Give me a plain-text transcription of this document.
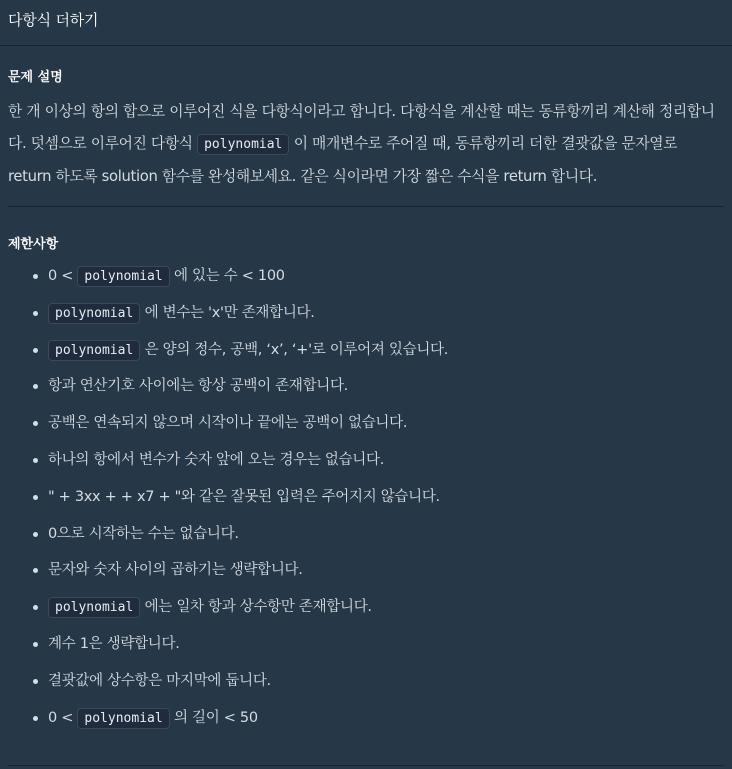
다항식 더하기
문제 설명

한 개 이상의 항의 합으로 이루어진 식을 다항식이라고 합니다. 다항식을 계산할 때는 동류항끼리 계산해 정리합니다. 덧셈으로 이루어진 다항식 polynomial 이 매개변수로 주어질 때, 동류항끼리 더한 결괏값을 문자열로 return 하도록 solution 함수를 완성해보세요. 같은 식이라면 가장 짧은 수식을 return 합니다.

제한사항
0 < polynomial 에 있는 수 < 100
polynomial 에 변수는 'x'만 존재합니다.
polynomial 은 양의 정수, 공백, ‘x’, ‘+'로 이루어져 있습니다.
항과 연산기호 사이에는 항상 공백이 존재합니다.
공백은 연속되지 않으며 시작이나 끝에는 공백이 없습니다.
하나의 항에서 변수가 숫자 앞에 오는 경우는 없습니다.
" + 3xx + + x7 + "와 같은 잘못된 입력은 주어지지 않습니다.
0으로 시작하는 수는 없습니다.
문자와 숫자 사이의 곱하기는 생략합니다.
polynomial 에는 일차 항과 상수항만 존재합니다.
계수 1은 생략합니다.
결괏값에 상수항은 마지막에 둡니다.
0 < polynomial 의 길이 < 50
